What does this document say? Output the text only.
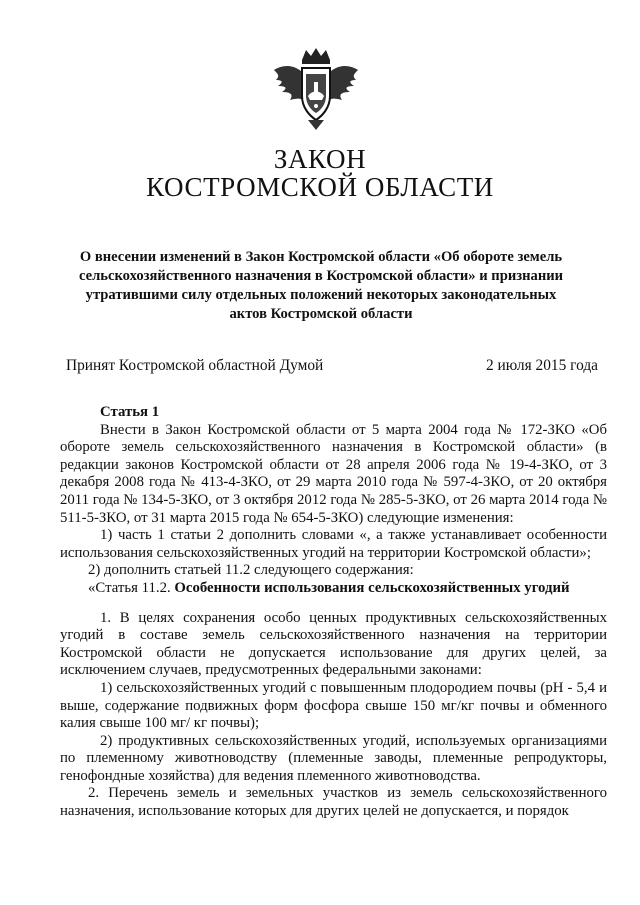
ЗАКОН
КОСТРОМСКОЙ ОБЛАСТИ
О внесении изменений в Закон Костромской области «Об обороте земель сельскохозяйственного назначения в Костромской области» и признании утратившими силу отдельных положений некоторых законодательных актов Костромской области
Принят Костромской областной Думой	2 июля 2015 года

Статья 1

Внести в Закон Костромской области от 5 марта 2004 года № 172-ЗКО «Об обороте земель сельскохозяйственного назначения в Костромской области» (в редакции законов Костромской области от 28 апреля 2006 года № 19-4-ЗКО, от 3 декабря 2008 года № 413-4-ЗКО, от 29 марта 2010 года № 597-4-ЗКО, от 20 октября 2011 года № 134-5-ЗКО, от 3 октября 2012 года № 285-5-ЗКО, от 26 марта 2014 года № 511-5-ЗКО, от 31 марта 2015 года № 654-5-ЗКО) следующие изменения:

1) часть 1 статьи 2 дополнить словами «, а также устанавливает особенности использования сельскохозяйственных угодий на территории Костромской области»;

2) дополнить статьей 11.2 следующего содержания:

«Статья 11.2. Особенности использования сельскохозяйственных угодий

1. В целях сохранения особо ценных продуктивных сельскохозяйственных угодий в составе земель сельскохозяйственного назначения на территории Костромской области не допускается использование для других целей, за исключением случаев, предусмотренных федеральными законами:

1) сельскохозяйственных угодий с повышенным плодородием почвы (pH - 5,4 и выше, содержание подвижных форм фосфора свыше 150 мг/кг почвы и обменного калия свыше 100 мг/ кг почвы);

2) продуктивных сельскохозяйственных угодий, используемых организациями по племенному животноводству (племенные заводы, племенные репродукторы, генофондные хозяйства) для ведения племенного животноводства.

2. Перечень земель и земельных участков из земель сельскохозяйственного назначения, использование которых для других целей не допускается, и порядок
